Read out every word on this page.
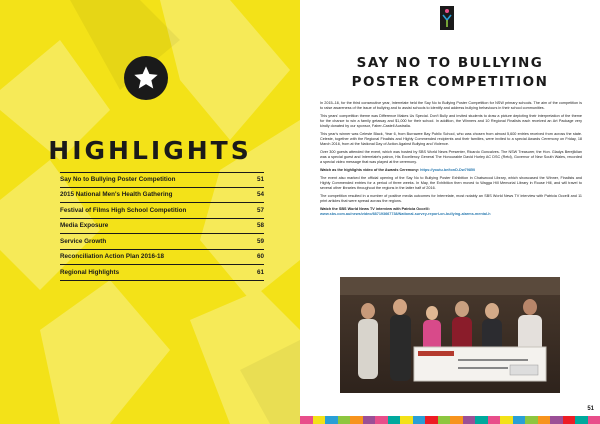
HIGHLIGHTS
Say No to Bullying Poster Competition	51
2015 National Men's Health Gathering	54
Festival of Films High School Competition	57
Media Exposure	58
Service Growth	59
Reconciliation Action Plan 2016-18	60
Regional Highlights	61
SAY NO TO BULLYING
POSTER COMPETITION

In 2015–16, for the third consecutive year, Interrelate held the Say No to Bullying Poster Competition for NSW primary schools. The aim of the competition is to raise awareness of the issue of bullying and to assist schools to identify and address bullying behaviours in their school communities.

This years' competition theme was Difference Makes Us Special. Don't Bully and invited students to draw a picture depicting their interpretation of the theme for the chance to win a family getaway and $1,000 for their school. In addition, the Winners and 10 Regional Finalists each received an Art Package very kindly donated by our sponsor, Faber-Castell Australia.

This year's winner was Celeste Black, Year 6, from Burrawee Bay Public School, who was chosen from almost 5,600 entries received from across the state. Celeste, together with the Regional Finalists and Highly Commended recipients and their families, were invited to a special Awards Ceremony on Friday, 18 March 2016, from at the National Day of Action Against Bullying and Violence.

Over 300 guests attended the event, which was hosted by SBS World News Presenter, Ricardo Goncalves. The NSW Treasurer, the Hon. Gladys Berejiklian was a special guest and Interrelate's patron, His Excellency General The Honourable David Hurley AC DSC (Retd), Governor of New South Wales, recorded a special video message that was played at the ceremony.

Watch as the highlights video of the Awards Ceremony: https://youtu.be/tonD-Dw79850

The event also marked the official opening of the Say No to Bullying Poster Exhibition in Chatswood Library, which showcased the Winner, Finalists and Highly Commended entries for a period of three weeks. In May, the Exhibition then moved to Wagga Hill Memorial Library in Rouse Hill, and will travel to several other libraries throughout the regions in the latter half of 2016.

The competition resulted in a number of positive media outcomes for Interrelate, most notably an SBS World News TV interview with Patricia Occelli and 11 print articles that were spread across the regions.

Watch the SBS World News TV interview with Patricia Occelli:
www.sbs.com.au/news/video/687193667738/National-survey-report-on-bullying-alarms-mental-h

51
